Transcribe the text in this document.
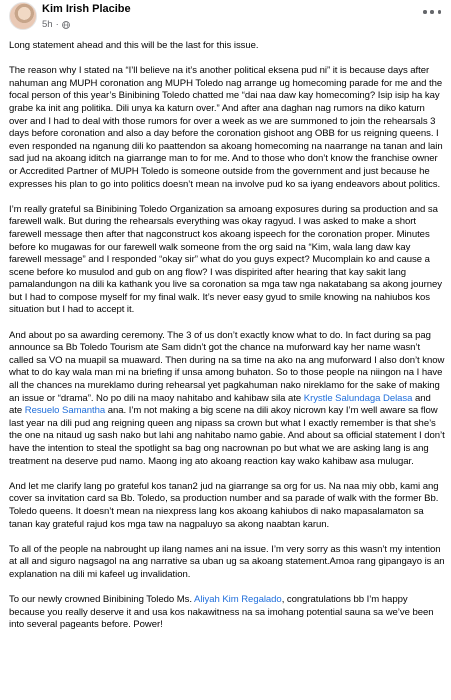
Kim Irish Placibe
5h ·

Long statement ahead and this will be the last for this issue.

The reason why I stated na “I’ll believe na it’s another political eksena pud ni” it is because days after nahuman ang MUPH coronation ang MUPH Toledo nag arrange ug homecoming parade for me and the focal person of this year’s Binibining Toledo chatted me “dai naa daw kay homecoming? Isip isip ha kay grabe ka init ang politika. Dili unya ka katurn over.” And after ana daghan nag rumors na diko katurn over and I had to deal with those rumors for over a week as we are summoned to join the rehearsals 3 days before coronation and also a day before the coronation gishoot ang OBB for us reigning queens. I even responded na nganung dili ko paattendon sa akoang homecoming na naarrange na tanan and lain sad jud na akoang iditch na giarrange man to for me. And to those who don’t know the franchise owner or Accredited Partner of MUPH Toledo is someone outside from the government and just because he expresses his plan to go into politics doesn’t mean na involve pud ko sa iyang endeavors about politics.

I’m really grateful sa Binibining Toledo Organization sa amoang exposures during sa production and sa farewell walk. But during the rehearsals everything was okay ragyud. I was asked to make a short farewell message then after that nagconstruct kos akoang ispeech for the coronation proper. Minutes before ko mugawas for our farewell walk someone from the org said na “Kim, wala lang daw kay farewell message” and I responded “okay sir” what do you guys expect? Mucomplain ko and cause a scene before ko musulod and gub on ang flow? I was dispirited after hearing that kay sakit lang pamalandungon na dili ka kathank you live sa coronation sa mga taw nga nakatabang sa akong journey but I had to compose myself for my final walk. It’s never easy gyud to smile knowing na nahiubos kos situation but I had to accept it.

And about po sa awarding ceremony. The 3 of us don’t exactly know what to do. In fact during sa pag announce sa Bb Toledo Tourism ate Sam didn’t got the chance na muforward kay her name wasn’t called sa VO na muapil sa muaward. Then during na sa time na ako na ang muforward I also don’t know what to do kay wala man mi na briefing if unsa among buhaton. So to those people na niingon na I have all the chances na mureklamo during rehearsal yet pagkahuman nako nireklamo for the sake of making an issue or “drama”. No po dili na maoy nahitabo and kahibaw sila ate Krystle Salundaga Delasa and ate Resuelo Samantha ana. I’m not making a big scene na dili akoy nicrown kay I’m well aware sa flow last year na dili pud ang reigning queen ang nipass sa crown but what I exactly remember is that she’s the one na nitaud ug sash nako but lahi ang nahitabo namo gabie. And about sa official statement I don’t have the intention to steal the spotlight sa bag ong nacrownan po but what we are asking lang is ang treatment na deserve pud namo. Maong ing ato akoang reaction kay wako kahibaw asa mulugar.

And let me clarify lang po grateful kos tanan2 jud na giarrange sa org for us. Na naa miy obb, kami ang cover sa invitation card sa Bb. Toledo, sa production number and sa parade of walk with the former Bb. Toledo queens. It doesn’t mean na niexpress lang kos akoang kahiubos di nako mapasalamaton sa tanan kay grateful rajud kos mga taw na nagpaluyo sa akong naabtan karun.

To all of the people na nabrought up ilang names ani na issue. I’m very sorry as this wasn’t my intention at all and siguro nagsagol na ang narrative sa uban ug sa akoang statement.Amoa rang gipangayo is an explanation na dili mi kafeel ug invalidation.

To our newly crowned Binibining Toledo Ms. Aliyah Kim Regalado, congratulations bb I’m happy because you really deserve it and usa kos nakawitness na sa imohang potential sauna sa we’ve been into several pageants before. Power!
